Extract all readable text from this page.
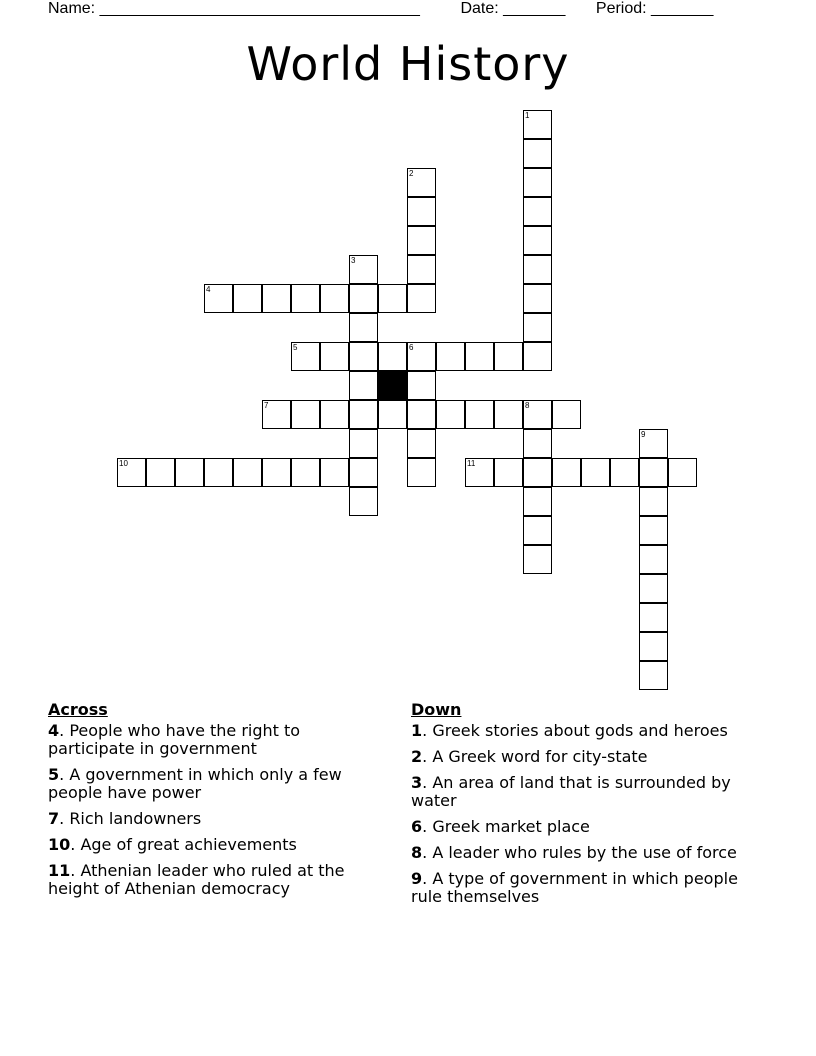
Name: ____________________________________	Date: _______ Period: _______
World History
1
2
3
6
8
9
4
5
7
10	11
Across
4. People who have the right to participate in government
5. A government in which only a few people have power
7. Rich landowners
10. Age of great achievements
11. Athenian leader who ruled at the height of Athenian democracy
Down
1. Greek stories about gods and heroes
2. A Greek word for city-state
3. An area of land that is surrounded by water
6. Greek market place
8. A leader who rules by the use of force
9. A type of government in which people rule themselves
